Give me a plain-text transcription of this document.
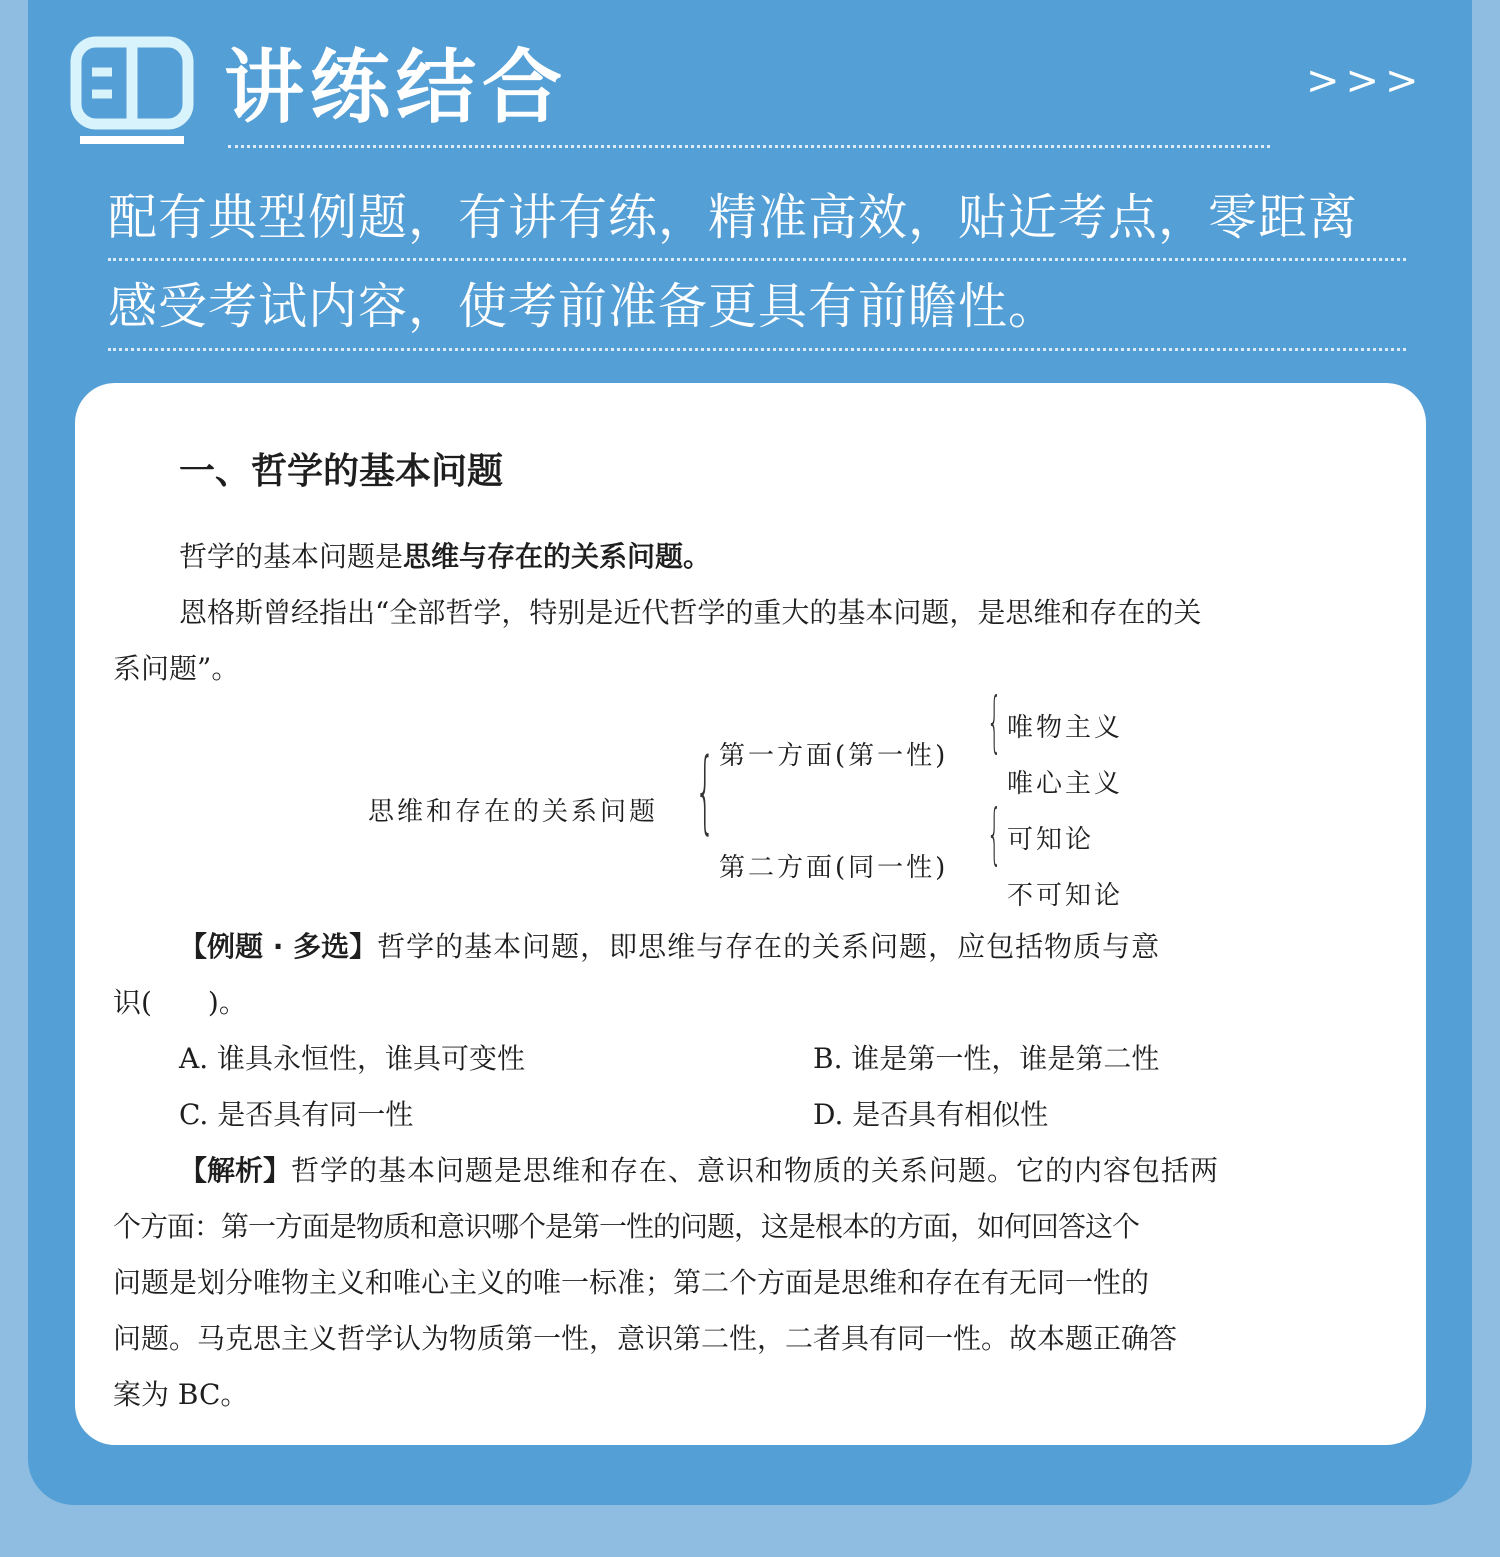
讲练结合	>>>
配有典型例题，有讲有练，精准高效，贴近考点，零距离
感受考试内容，使考前准备更具有前瞻性。
一、哲学的基本问题
哲学的基本问题是思维与存在的关系问题。
恩格斯曾经指出“全部哲学，特别是近代哲学的重大的基本问题，是思维和存在的关
系问题”。
思维和存在的关系问题 { 第一方面(第一性)
第二方面(同一性)
{ 唯物主义
唯心主义
{ 可知论
不可知论
【例题 · 多选】哲学的基本问题，即思维与存在的关系问题，应包括物质与意
识(　　)。
A. 谁具永恒性，谁具可变性	B. 谁是第一性，谁是第二性
C. 是否具有同一性	D. 是否具有相似性
【解析】哲学的基本问题是思维和存在、意识和物质的关系问题。它的内容包括两
个方面：第一方面是物质和意识哪个是第一性的问题，这是根本的方面，如何回答这个
问题是划分唯物主义和唯心主义的唯一标准；第二个方面是思维和存在有无同一性的
问题。马克思主义哲学认为物质第一性，意识第二性，二者具有同一性。故本题正确答
案为 BC。
